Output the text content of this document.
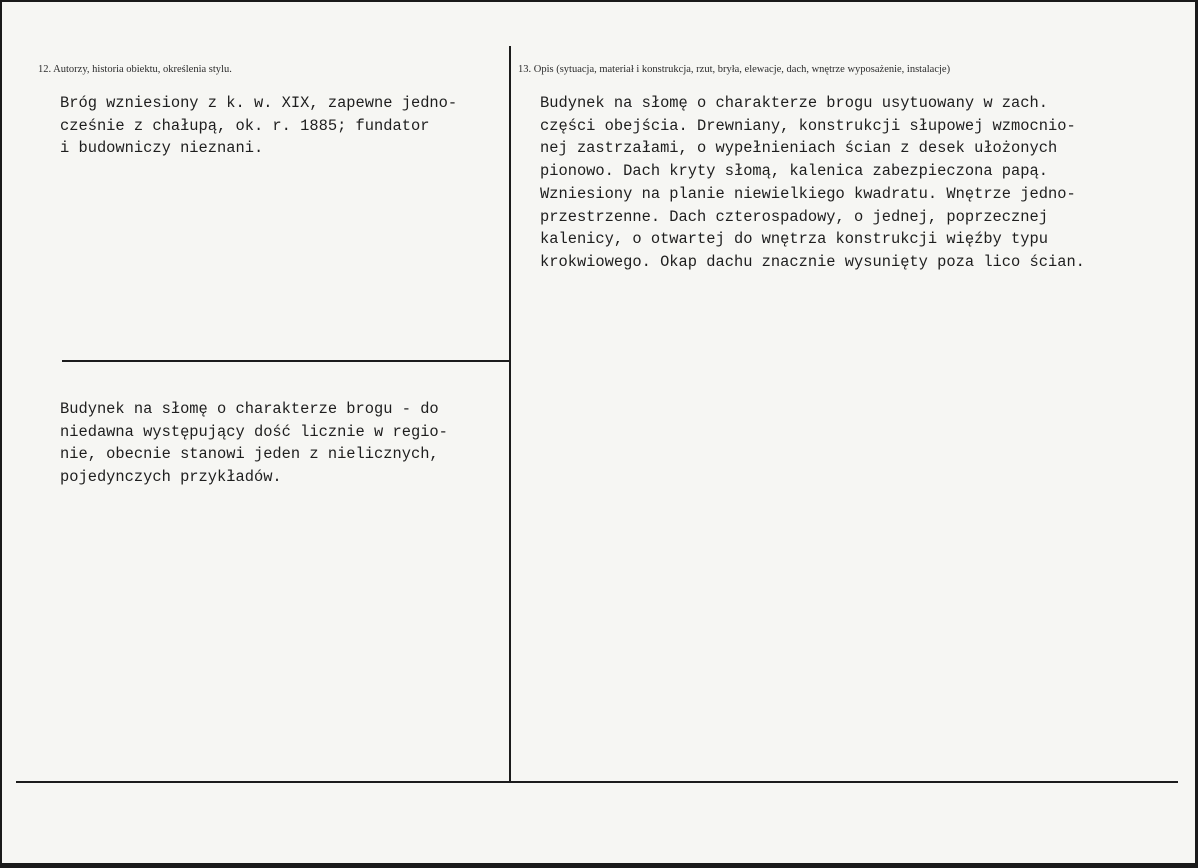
12. Autorzy, historia obiektu, określenia stylu.	13. Opis (sytuacja, materiał i konstrukcja, rzut, bryła, elewacje, dach, wnętrze wyposażenie, instalacje)
Bróg wzniesiony z k. w. XIX, zapewne jedno-
cześnie z chałupą, ok. r. 1885; fundator
i budowniczy nieznani.
Budynek na słomę o charakterze brogu usytuowany w zach.
części obejścia. Drewniany, konstrukcji słupowej wzmocnio-
nej zastrzałami, o wypełnieniach ścian z desek ułożonych
pionowo. Dach kryty słomą, kalenica zabezpieczona papą.
Wzniesiony na planie niewielkiego kwadratu. Wnętrze jedno-
przestrzenne. Dach czterospadowy, o jednej, poprzecznej
kalenicy, o otwartej do wnętrza konstrukcji więźby typu
krokwiowego. Okap dachu znacznie wysunięty poza lico ścian.
Budynek na słomę o charakterze brogu - do
niedawna występujący dość licznie w regio-
nie, obecnie stanowi jeden z nielicznych,
pojedynczych przykładów.
